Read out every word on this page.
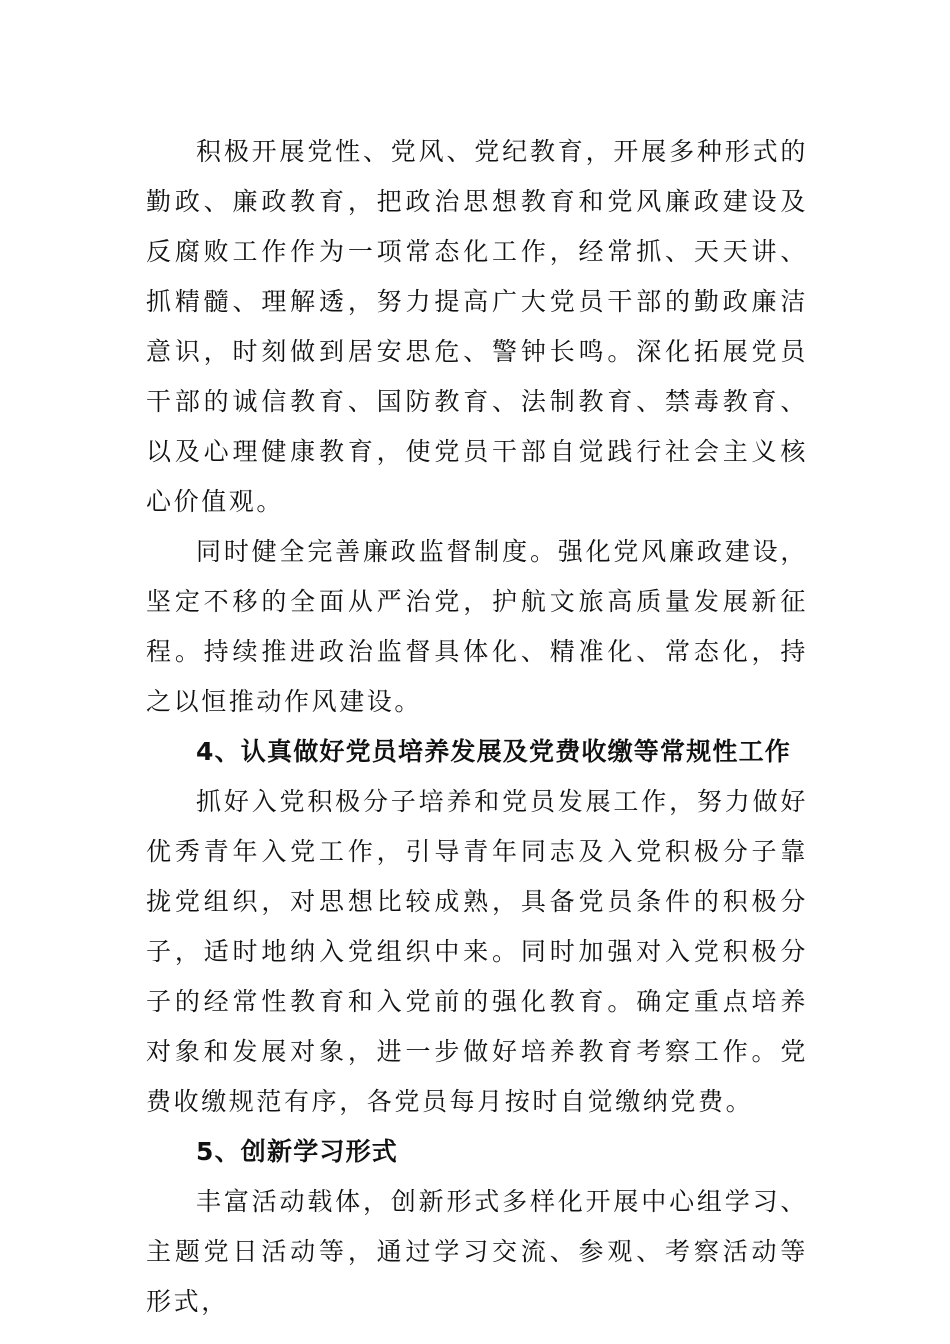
积极开展党性、党风、党纪教育，开展多种形式的勤政、廉政教育，把政治思想教育和党风廉政建设及反腐败工作作为一项常态化工作，经常抓、天天讲、抓精髓、理解透，努力提高广大党员干部的勤政廉洁意识，时刻做到居安思危、警钟长鸣。深化拓展党员干部的诚信教育、国防教育、法制教育、禁毒教育、以及心理健康教育，使党员干部自觉践行社会主义核心价值观。

同时健全完善廉政监督制度。强化党风廉政建设，坚定不移的全面从严治党，护航文旅高质量发展新征程。持续推进政治监督具体化、精准化、常态化，持之以恒推动作风建设。

4、认真做好党员培养发展及党费收缴等常规性工作

抓好入党积极分子培养和党员发展工作，努力做好优秀青年入党工作，引导青年同志及入党积极分子靠拢党组织，对思想比较成熟，具备党员条件的积极分子，适时地纳入党组织中来。同时加强对入党积极分子的经常性教育和入党前的强化教育。确定重点培养对象和发展对象，进一步做好培养教育考察工作。党费收缴规范有序，各党员每月按时自觉缴纳党费。

5、创新学习形式

丰富活动载体，创新形式多样化开展中心组学习、主题党日活动等，通过学习交流、参观、考察活动等形式，
